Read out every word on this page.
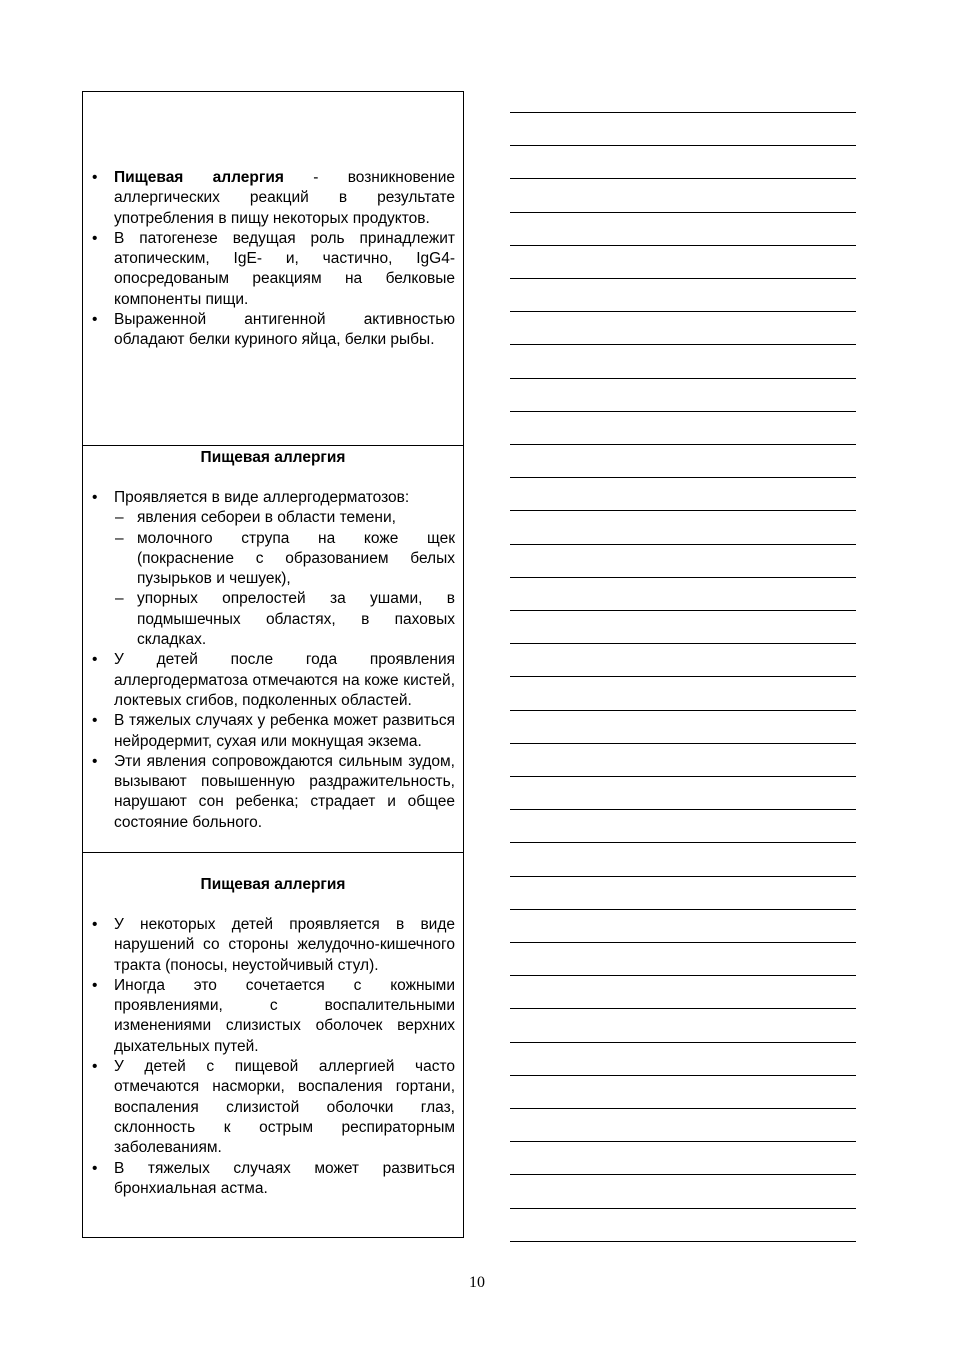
• Пищевая аллергия - возникновение аллергических реакций в результате употребления в пищу некоторых продуктов.
• В патогенезе ведущая роль принадлежит атопическим, IgE- и, частично, IgG4-опосредованым реакциям на белковые компоненты пищи.
• Выраженной антигенной активностью обладают белки куриного яйца, белки рыбы.
Пищевая аллергия
• Проявляется в виде аллергодерматозов:
– явления себореи в области темени,
– молочного струпа на коже щек (покраснение с образованием белых пузырьков и чешуек),
– упорных опрелостей за ушами, в подмышечных областях, в паховых складках.
• У детей после года проявления аллергодерматоза отмечаются на коже кистей, локтевых сгибов, подколенных областей.
• В тяжелых случаях у ребенка может развиться нейродермит, сухая или мокнущая экзема.
• Эти явления сопровождаются сильным зудом, вызывают повышенную раздражительность, нарушают сон ребенка; страдает и общее состояние больного.
Пищевая аллергия
• У некоторых детей проявляется в виде нарушений со стороны желудочно-кишечного тракта (поносы, неустойчивый стул).
• Иногда это сочетается с кожными проявлениями, с воспалительными изменениями слизистых оболочек верхних дыхательных путей.
• У детей с пищевой аллергией часто отмечаются насморки, воспаления гортани, воспаления слизистой оболочки глаз, склонность к острым респираторным заболеваниям.
• В тяжелых случаях может развиться бронхиальная астма.
10
